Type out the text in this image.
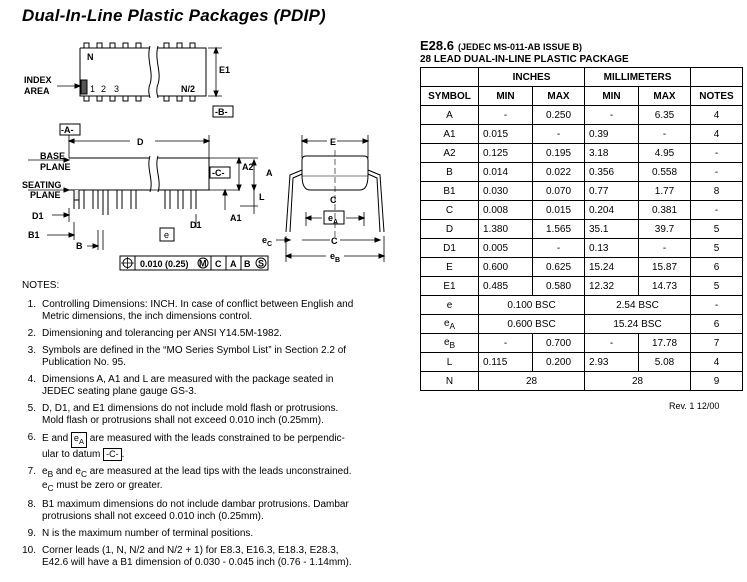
Dual-In-Line Plastic Packages (PDIP)
N
1 2 3	N/2
INDEX
AREA
E1
-B-
-A-
D
BASE
PLANE
SEATING
PLANE
-C-
A2
A
L
D1
B1
B
e
D1
A1
0.010 (0.25) M C A B S
E
C
$e_A$
$e_C$	C
$e_B$
NOTES:
1. Controlling Dimensions: INCH. In case of conflict between English and
Metric dimensions, the inch dimensions control.
2. Dimensioning and tolerancing per ANSI Y14.5M-1982.
3. Symbols are defined in the “MO Series Symbol List” in Section 2.2 of
Publication No. 95.
4. Dimensions A, A1 and L are measured with the package seated in
JEDEC seating plane gauge GS-3.
5. D, D1, and E1 dimensions do not include mold flash or protrusions.
Mold flash or protrusions shall not exceed 0.010 inch (0.25mm).
6. E and $e_A$ are measured with the leads constrained to be perpendic-
ular to datum -C- .
7. $e_B$ and $e_C$ are measured at the lead tips with the leads unconstrained.
$e_C$ must be zero or greater.
8. B1 maximum dimensions do not include dambar protrusions. Dambar
protrusions shall not exceed 0.010 inch (0.25mm).
9. N is the maximum number of terminal positions.
10. Corner leads (1, N, N/2 and N/2 + 1) for E8.3, E16.3, E18.3, E28.3,
E42.6 will have a B1 dimension of 0.030 - 0.045 inch (0.76 - 1.14mm).
E28.6 (JEDEC MS-011-AB ISSUE B)
28 LEAD DUAL-IN-LINE PLASTIC PACKAGE
	INCHES		MILLIMETERS		
SYMBOL	MIN	MAX	MIN	MAX	NOTES
A	-	0.250	-	6.35	4
A1	0.015	-	0.39	-	4
A2	0.125	0.195	3.18	4.95	-
B	0.014	0.022	0.356	0.558	-
B1	0.030	0.070	0.77	1.77	8
C	0.008	0.015	0.204	0.381	-
D	1.380	1.565	35.1	39.7	5
D1	0.005	-	0.13	-	5
E	0.600	0.625	15.24	15.87	6
E1	0.485	0.580	12.32	14.73	5
e	0.100 BSC		2.54 BSC		-
$e_A$	0.600 BSC		15.24 BSC		6
$e_B$	-	0.700	-	17.78	7
L	0.115	0.200	2.93	5.08	4
N	28		28		9
Rev. 1 12/00
